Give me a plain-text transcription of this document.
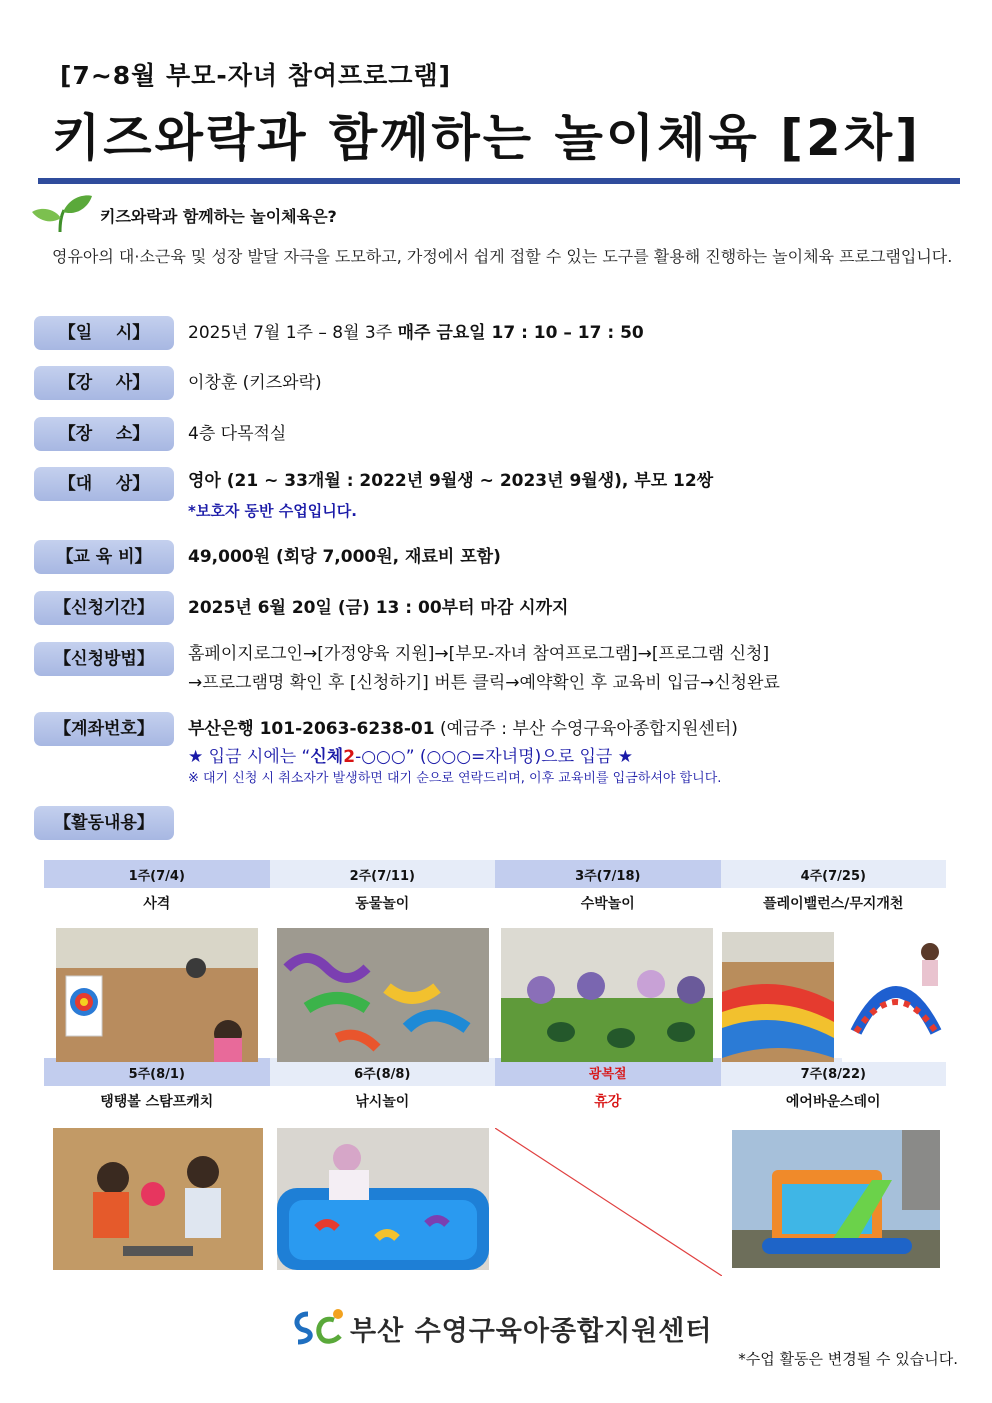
[7~8월 부모-자녀 참여프로그램]
키즈와락과 함께하는 놀이체육 [2차]
키즈와락과 함께하는 놀이체육은?
영유아의 대·소근육 및 성장 발달 자극을 도모하고, 가정에서 쉽게 접할 수 있는 도구를 활용해 진행하는 놀이체육 프로그램입니다.
【일    시】	2025년 7월 1주 – 8월 3주 매주 금요일 17 : 10 – 17 : 50
【강    사】	이창훈 (키즈와락)
【장    소】	4층 다목적실
【대    상】	영아 (21 ~ 33개월 : 2022년 9월생 ~ 2023년 9월생), 부모 12쌍
*보호자 동반 수업입니다.
【교 육 비】	49,000원 (회당 7,000원, 재료비 포함)
【신청기간】	2025년 6월 20일 (금) 13 : 00부터 마감 시까지
【신청방법】	홈페이지로그인→[가정양육 지원]→[부모-자녀 참여프로그램]→[프로그램 신청]
→프로그램명 확인 후 [신청하기] 버튼 클릭→예약확인 후 교육비 입금→신청완료
【계좌번호】	부산은행 101-2063-6238-01 (예금주 : 부산 수영구육아종합지원센터)
★ 입금 시에는 “신체2-○○○” (○○○=자녀명)으로 입금 ★
※ 대기 신청 시 취소자가 발생하면 대기 순으로 연락드리며, 이후 교육비를 입금하셔야 합니다.
【활동내용】
1주(7/4)	2주(7/11)	3주(7/18)	4주(7/25)
사격	동물놀이	수박놀이	플레이밸런스/무지개천

5주(8/1)	6주(8/8)	광복절	7주(8/22)
탱탱볼 스탐프캐치	낚시놀이	휴강	에어바운스데이
부산 수영구육아종합지원센터
*수업 활동은 변경될 수 있습니다.
